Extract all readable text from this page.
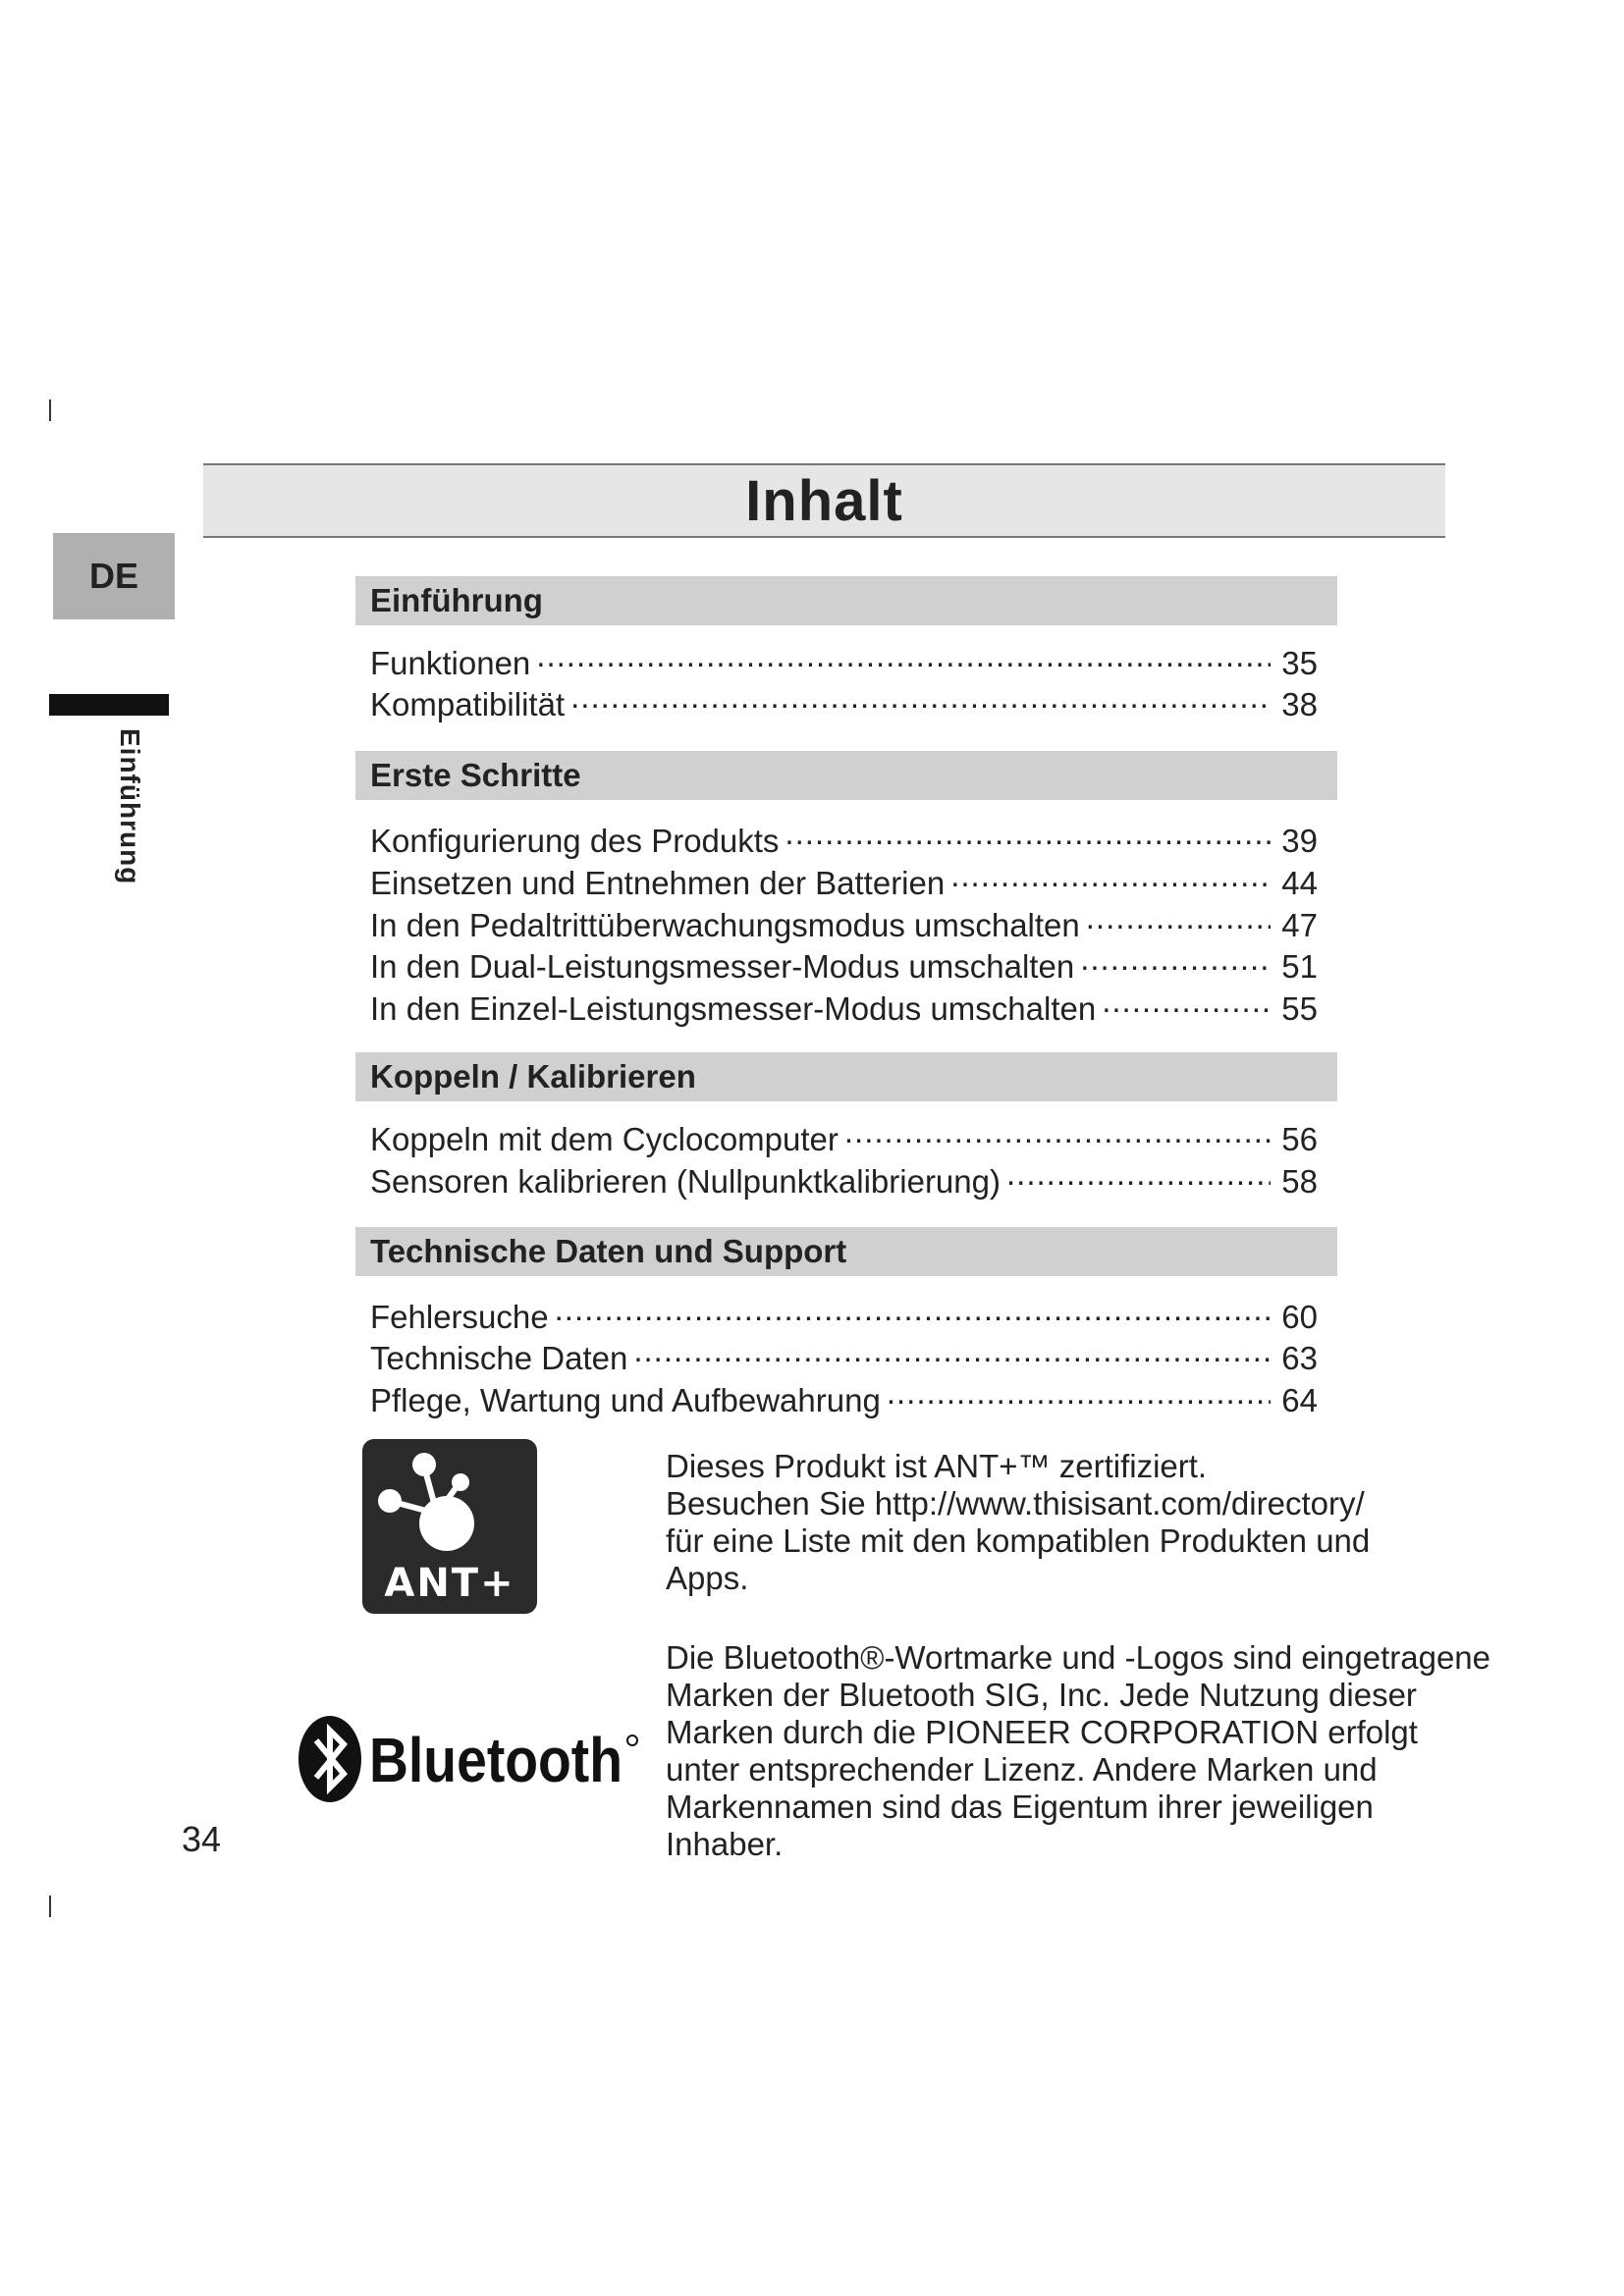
DE
Einführung
Inhalt
Einführung
Funktionen .....	35
Kompatibilität .....	38
Erste Schritte
Konfigurierung des Produkts .....	39
Einsetzen und Entnehmen der Batterien .....	44
In den Pedaltrittüberwachungsmodus umschalten .....	47
In den Dual-Leistungsmesser-Modus umschalten .....	51
In den Einzel-Leistungsmesser-Modus umschalten .....	55
Koppeln / Kalibrieren
Koppeln mit dem Cyclocomputer .....	56
Sensoren kalibrieren (Nullpunktkalibrierung) .....	58
Technische Daten und Support
Fehlersuche .....	60
Technische Daten .....	63
Pflege, Wartung und Aufbewahrung .....	64
ANT+
Dieses Produkt ist ANT+™ zertifiziert.
Besuchen Sie http://www.thisisant.com/directory/
für eine Liste mit den kompatiblen Produkten und
Apps.
Bluetooth
Die Bluetooth®-Wortmarke und -Logos sind eingetragene
Marken der Bluetooth SIG, Inc. Jede Nutzung dieser
Marken durch die PIONEER CORPORATION erfolgt
unter entsprechender Lizenz. Andere Marken und
Markennamen sind das Eigentum ihrer jeweiligen
Inhaber.
34
